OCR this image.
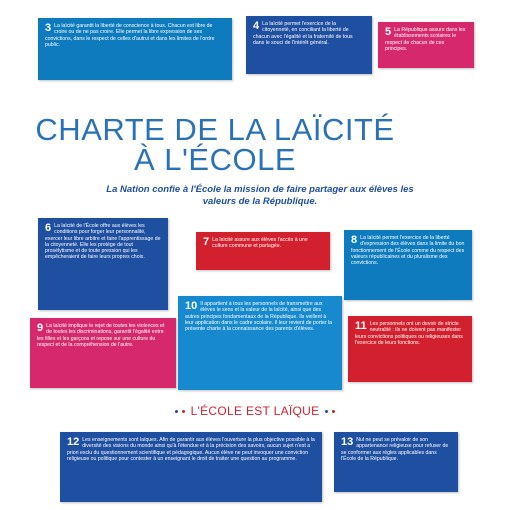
3 La laïcité garantit la liberté de conscience à tous. Chacun est libre de croire ou de ne pas croire. Elle permet la libre expression de ses convictions, dans le respect de celles d'autrui et dans les limites de l'ordre public.
4 La laïcité permet l'exercice de la citoyenneté, en conciliant la liberté de chacun avec l'égalité et la fraternité de tous dans le souci de l'intérêt général.
5 La République assure dans les établissements scolaires le respect de chacun de ces principes.
CHARTE DE LA LAÏCITÉ
À L'ÉCOLE
La Nation confie à l'École la mission de faire partager aux élèves les valeurs de la République.
6 La laïcité de l'École offre aux élèves les conditions pour forger leur personnalité, exercer leur libre arbitre et faire l'apprentissage de la citoyenneté. Elle les protège de tout prosélytisme et de toute pression qui les empêcheraient de faire leurs propres choix.
7 La laïcité assure aux élèves l'accès à une culture commune et partagée.
8 La laïcité permet l'exercice de la liberté d'expression des élèves dans la limite du bon fonctionnement de l'École comme du respect des valeurs républicaines et du pluralisme des convictions.
9 La laïcité implique le rejet de toutes les violences et de toutes les discriminations, garantit l'égalité entre les filles et les garçons et repose sur une culture du respect et de la compréhension de l'autre.
10 Il appartient à tous les personnels de transmettre aux élèves le sens et la valeur de la laïcité, ainsi que des autres principes fondamentaux de la République. Ils veillent à leur application dans le cadre scolaire. Il leur revient de porter la présente charte à la connaissance des parents d'élèves.	11 Les personnels ont un devoir de stricte neutralité : ils ne doivent pas manifester leurs convictions politiques ou religieuses dans l'exercice de leurs fonctions.
L'ÉCOLE EST LAÏQUE
12 Les enseignements sont laïques. Afin de garantir aux élèves l'ouverture la plus objective possible à la diversité des visions du monde ainsi qu'à l'étendue et à la précision des savoirs, aucun sujet n'est a priori exclu du questionnement scientifique et pédagogique. Aucun élève ne peut invoquer une conviction religieuse ou politique pour contester à un enseignant le droit de traiter une question au programme.
13 Nul ne peut se prévaloir de son appartenance religieuse pour refuser de se conformer aux règles applicables dans l'École de la République.
